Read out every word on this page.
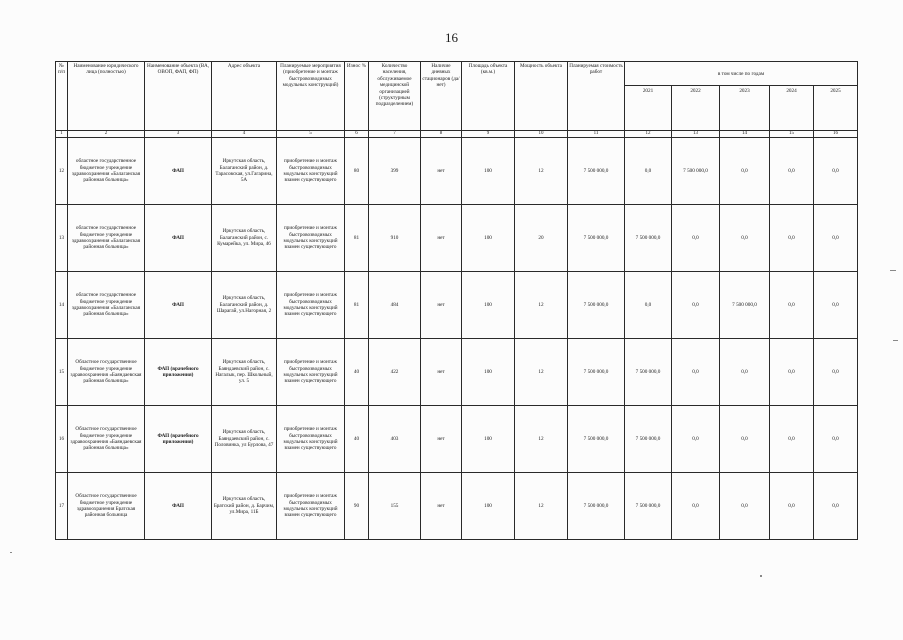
16
№ п/п	Наименование юридического лица (полностью)	Наименование объекта (ВА, ОВОП, ФАП, ФП)	Адрес объекта	Планируемые мероприятия (приобретение и монтаж быстровозводимых модульных конструкций)	Износ %	Количество населения, обслуживаемое медицинской организацией (структурным подразделением)	Наличие дневных стационаров (да/нет)	Площадь объекта (кв.м.)	Мощность объекта	Планируемая стоимость работ	в том числе по годам				
											2021	2022	2023	2024	2025
1	2	3	4	5	6	7	8	9	10	11	12	13	14	15	16
12	областное государственное бюджетное учреждение здравоохранения «Балаганская районная больница»	ФАП	Иркутская область, Балаганский район, д. Тарасовская, ул.Гагарина, 5А	приобретение и монтаж быстровозводимых модульных конструкций взамен существующего	80	399	нет	100	12	7 500 000,0	0,0	7 500 000,0	0,0	0,0	0,0
13	областное государственное бюджетное учреждение здравоохранения «Балаганская районная больница»	ФАП	Иркутская область, Балаганский район, с. Кумарейка, ул. Мира, 46	приобретение и монтаж быстровозводимых модульных конструкций взамен существующего	81	910	нет	100	20	7 500 000,0	7 500 000,0	0,0	0,0	0,0	0,0
14	областное государственное бюджетное учреждение здравоохранения «Балаганская районная больница»	ФАП	Иркутская область, Балаганский район, д. Шарагай, ул.Нагорная, 2	приобретение и монтаж быстровозводимых модульных конструкций взамен существующего	81	484	нет	100	12	7 500 000,0	0,0	0,0	7 500 000,0	0,0	0,0
15	Областное государственное бюджетное учреждение здравоохранения «Баяндаевская районная больница»	ФАП (врачебного приложения)	Иркутская область, Баяндаевский район, с. Нагалык, пер. Школьный, ул. 5	приобретение и монтаж быстровозводимых модульных конструкций взамен существующего	40	422	нет	100	12	7 500 000,0	7 500 000,0	0,0	0,0	0,0	0,0
16	Областное государственное бюджетное учреждение здравоохранения «Баяндаевская районная больница»	ФАП (врачебного приложения)	Иркутская область, Баяндаевский район, с. Половинка, ул Бурлова, 47	приобретение и монтаж быстровозводимых модульных конструкций взамен существующего	40	403	нет	100	12	7 500 000,0	7 500 000,0	0,0	0,0	0,0	0,0
17	Областное государственное бюджетное учреждение здравоохранения Братская районная больница	ФАП	Иркутская область, Братский район, д. Барчим, ул.Мира, 11Б	приобретение и монтаж быстровозводимых модульных конструкций взамен существующего	90	155	нет	100	12	7 500 000,0	7 500 000,0	0,0	0,0	0,0	0,0
